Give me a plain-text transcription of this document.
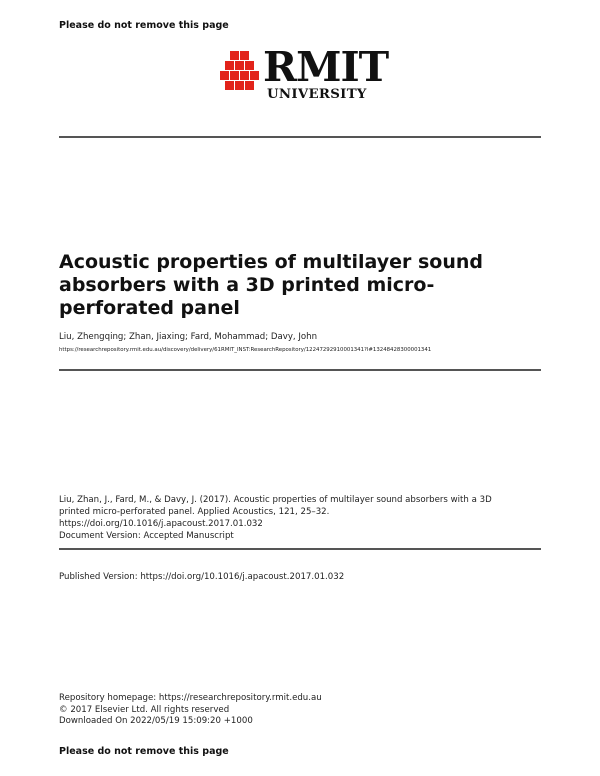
Please do not remove this page
RMIT
UNIVERSITY
Acoustic properties of multilayer sound absorbers with a 3D printed micro-perforated panel
Liu, Zhengqing; Zhan, Jiaxing; Fard, Mohammad; Davy, John
https://researchrepository.rmit.edu.au/discovery/delivery/61RMIT_INST:ResearchRepository/12247292910001341?l#13248428300001341
Liu, Zhan, J., Fard, M., & Davy, J. (2017). Acoustic properties of multilayer sound absorbers with a 3D
printed micro-perforated panel. Applied Acoustics, 121, 25–32.
https://doi.org/10.1016/j.apacoust.2017.01.032
Document Version: Accepted Manuscript
Published Version: https://doi.org/10.1016/j.apacoust.2017.01.032
Repository homepage: https://researchrepository.rmit.edu.au
© 2017 Elsevier Ltd. All rights reserved
Downloaded On 2022/05/19 15:09:20 +1000
Please do not remove this page
